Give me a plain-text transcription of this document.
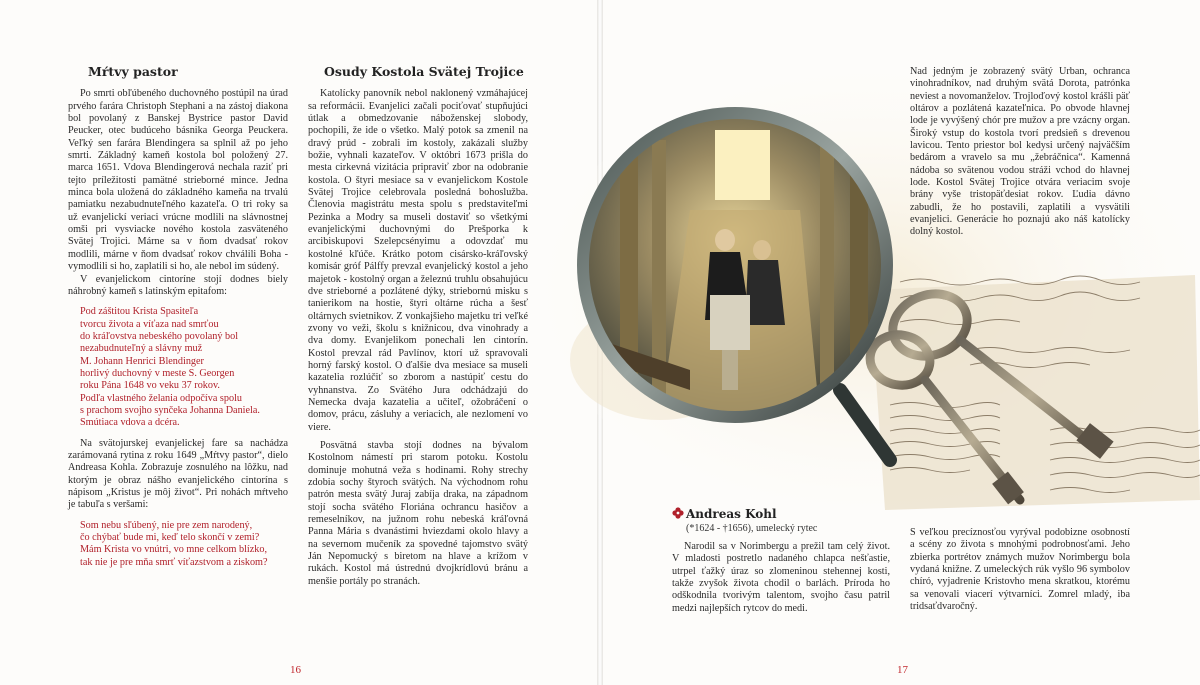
Mŕtvy pastor

Po smrti obľúbeného duchovného postúpil na úrad prvého farára Christoph Stephani a na zástoj diakona bol povolaný z Banskej Bystrice pastor David Peucker, otec budúceho básnika Georga Peuckera. Veľký sen farára Blendingera sa splnil až po jeho smrti. Základný kameň kostola bol položený 27. marca 1651. Vdova Blendingerová nechala raziť pri tejto príležitosti pamätné strieborné mince. Jedna minca bola uložená do základného kameňa na trvalú pamiatku nezabudnuteľného kazateľa. O tri roky sa už evanjelickí veriaci vrúcne modlili na slávnostnej omši pri vysviacke nového kostola zasväteného Svätej Trojici. Márne sa v ňom dvadsať rokov modlili, márne v ňom dvadsať rokov chválili Boha - vymodlili si ho, zaplatili si ho, ale nebol im súdený.

V evanjelickom cintoríne stojí dodnes biely náhrobný kameň s latinským epitafom:

Pod záštitou Krista Spasiteľa
tvorcu života a víťaza nad smrťou
do kráľovstva nebeského povolaný bol
nezabudnuteľný a slávny muž
M. Johann Henrici Blendinger
horlivý duchovný v meste S. Georgen
roku Pána 1648 vo veku 37 rokov.
Podľa vlastného želania odpočíva spolu
s prachom svojho synčeka Johanna Daniela.
Smútiaca vdova a dcéra.

Na svätojurskej evanjelickej fare sa nachádza zarámovaná rytina z roku 1649 „Mŕtvy pastor“, dielo Andreasa Kohla. Zobrazuje zosnulého na lôžku, nad ktorým je obraz nášho evanjelického cintorína s nápisom „Kristus je môj život“. Pri nohách mŕtveho je tabuľa s veršami:

Som nebu sľúbený, nie pre zem narodený,
čo chýbať bude mi, keď telo skončí v zemi?
Mám Krista vo vnútri, vo mne celkom blízko,
tak nie je pre mňa smrť víťazstvom a ziskom?
Osudy Kostola Svätej Trojice

Katolícky panovník nebol naklonený vzmáhajúcej sa reformácii. Evanjelici začali pociťovať stupňujúci útlak a obmedzovanie náboženskej slobody, pochopili, že ide o všetko. Malý potok sa zmenil na dravý prúd - zobrali im kostoly, zakázali služby božie, vyhnali kazateľov. V októbri 1673 prišla do mesta cirkevná vizitácia pripraviť zbor na odobranie kostola. O štyri mesiace sa v evanjelickom Kostole Svätej Trojice celebrovala posledná bohoslužba. Členovia magistrátu mesta spolu s predstaviteľmi Pezinka a Modry sa museli dostaviť so všetkými evanjelickými duchovnými do Prešporka k arcibiskupovi Szelepcsényimu a odovzdať mu kostolné kľúče. Krátko potom cisársko-kráľovský komisár gróf Pálffy prevzal evanjelický kostol a jeho majetok - kostolný organ a železnú truhlu obsahujúcu dve strieborné a pozlátené dýky, striebornú misku s tanierikom na hostie, štyri oltárne rúcha a šesť oltárnych svietnikov. Z vonkajšieho majetku tri veľké zvony vo veži, školu s knižnicou, dva vinohrady a dva domy. Evanjelikom ponechali len cintorín. Kostol prevzal rád Pavlínov, ktorí už spravovali horný farský kostol. O ďalšie dva mesiace sa museli kazatelia rozlúčiť so zborom a nastúpiť cestu do vyhnanstva. Zo Svätého Jura odchádzajú do Nemecka dvaja kazatelia a učiteľ, ožobráčení o domov, prácu, zásluhy a veriacich, ale nezlomení vo viere.

Posvätná stavba stojí dodnes na bývalom Kostolnom námestí pri starom potoku. Kostolu dominuje mohutná veža s hodinami. Rohy strechy zdobia sochy štyroch svätých. Na východnom rohu patrón mesta svätý Juraj zabíja draka, na západnom stojí socha svätého Floriána ochrancu hasičov a remeselníkov, na južnom rohu nebeská kráľovná Panna Mária s dvanástimi hviezdami okolo hlavy a na severnom mučeník za spovedné tajomstvo svätý Ján Nepomucký s biretom na hlave a krížom v rukách. Kostol má ústrednú dvojkrídlovú bránu a menšie portály po stranách.

16	17

Nad jedným je zobrazený svätý Urban, ochranca vinohradníkov, nad druhým svätá Dorota, patrónka neviest a novomanželov. Trojloďový kostol krášli päť oltárov a pozlátená kazateľnica. Po obvode hlavnej lode je vyvýšený chór pre mužov a pre vzácny organ. Široký vstup do kostola tvorí predsieň s drevenou lavicou. Tento priestor bol kedysi určený najväčším bedárom a vravelo sa mu „žebráčnica“. Kamenná nádoba so svätenou vodou stráži vchod do hlavnej lode. Kostol Svätej Trojice otvára veriacim svoje brány vyše tristopäťdesiat rokov. Ľudia dávno zabudli, že ho postavili, zaplatili a vysvätili evanjelici. Generácie ho poznajú ako náš katolícky dolný kostol.

Andreas Kohl
(*1624 - †1656), umelecký rytec

Narodil sa v Norimbergu a prežil tam celý život. V mladosti postretlo nadaného chlapca nešťastie, utrpel ťažký úraz so zlomeninou stehennej kosti, takže zvyšok života chodil o barlách. Príroda ho odškodnila tvorivým talentom, svojho času patril medzi najlepších rytcov do medi.

S veľkou precíznosťou vyrýval podobizne osobností a scény zo života s mnohými podrobnosťami. Jeho zbierka portrétov známych mužov Norimbergu bola vydaná knižne. Z umeleckých rúk vyšlo 96 symbolov chíró, vyjadrenie Kristovho mena skratkou, ktorému sa venovali viacerí výtvarníci. Zomrel mladý, iba tridsaťdvaročný.
